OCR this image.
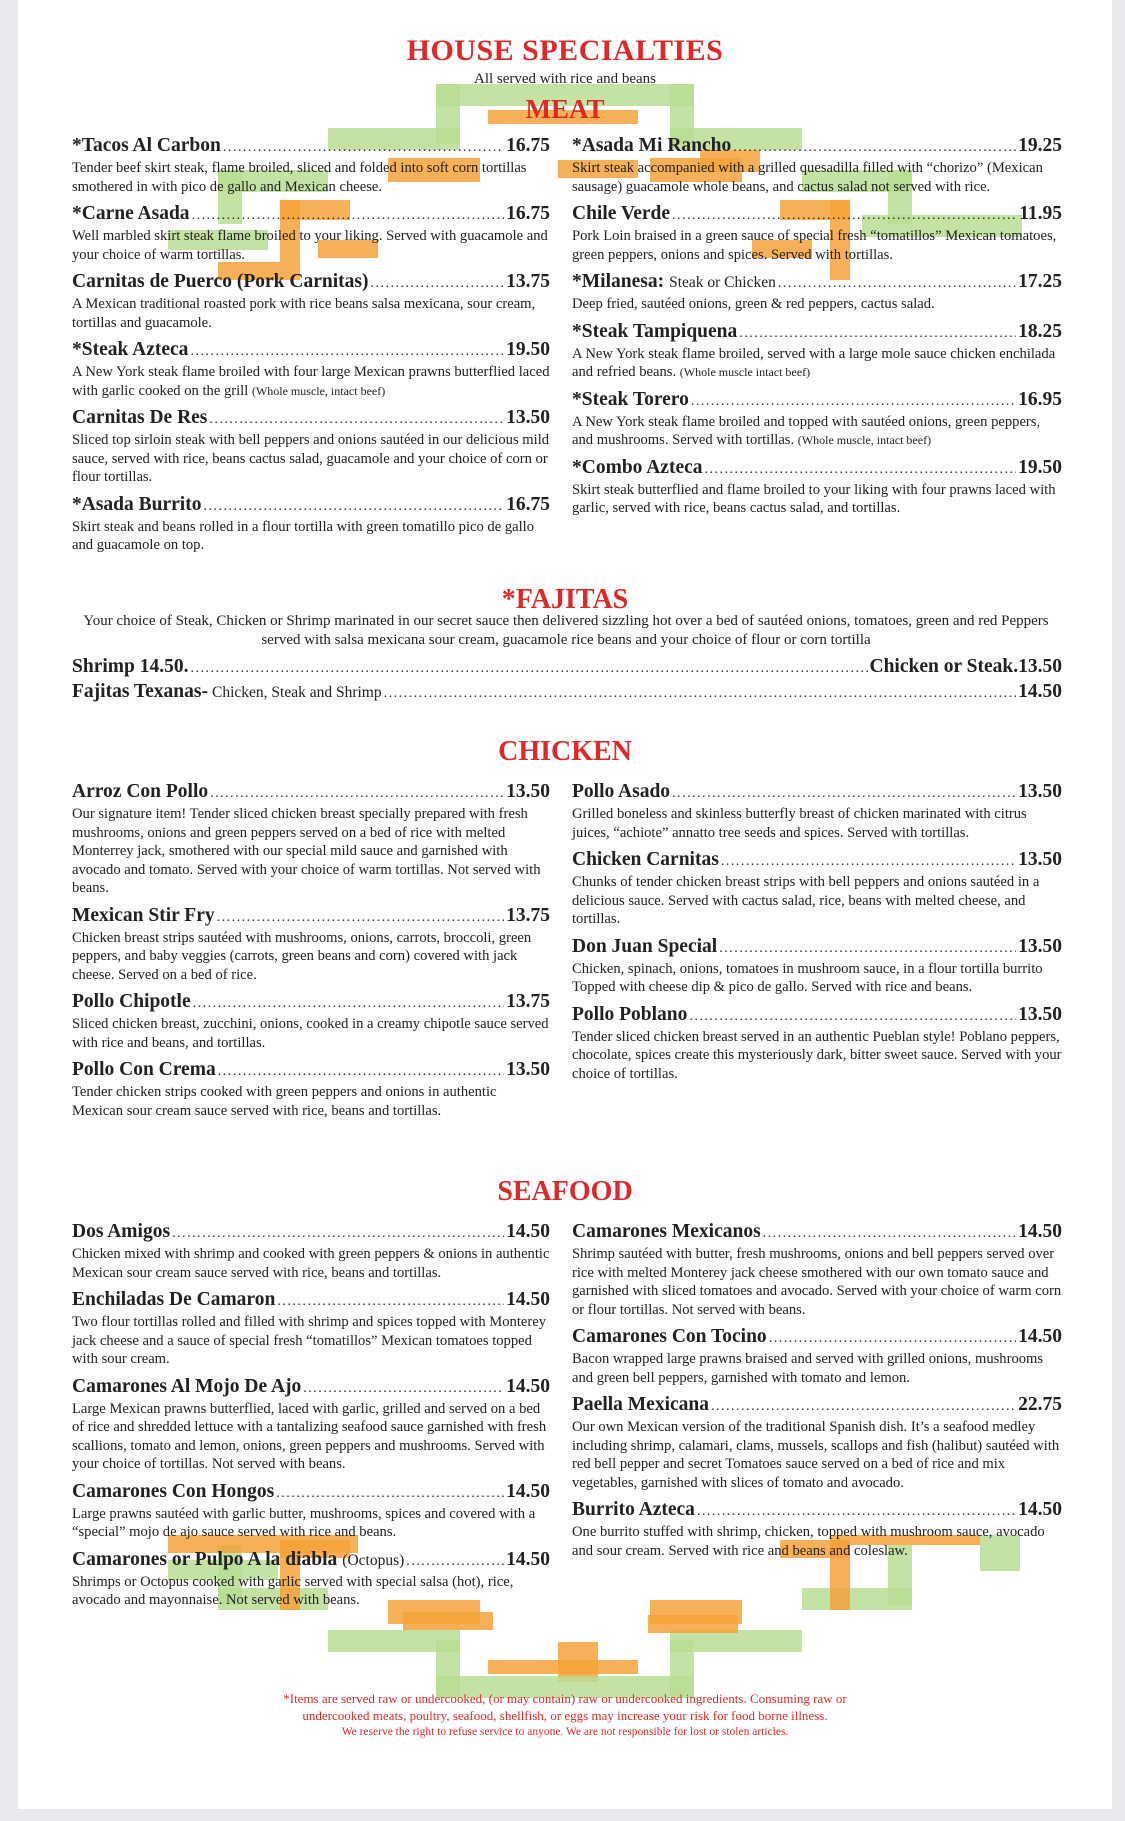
HOUSE SPECIALTIES
All served with rice and beans
MEAT
*Tacos Al Carbon . . .	16.75
Tender beef skirt steak, flame broiled, sliced and folded into soft corn tortillas smothered in with pico de gallo and Mexican cheese.
*Carne Asada . . .	16.75
Well marbled skirt steak flame broiled to your liking. Served with guacamole and your choice of warm tortillas.
Carnitas de Puerco (Pork Carnitas) . . .	13.75
A Mexican traditional roasted pork with rice beans salsa mexicana, sour cream, tortillas and guacamole.
*Steak Azteca . . .	19.50
A New York steak flame broiled with four large Mexican prawns butterflied laced with garlic cooked on the grill (Whole muscle, intact beef)
Carnitas De Res . . .	13.50
Sliced top sirloin steak with bell peppers and onions sautéed in our delicious mild sauce, served with rice, beans cactus salad, guacamole and your choice of corn or flour tortillas.
*Asada Burrito . . .	16.75
Skirt steak and beans rolled in a flour tortilla with green tomatillo pico de gallo and guacamole on top.
*Asada Mi Rancho . . .	19.25
Skirt steak accompanied with a grilled quesadilla filled with “chorizo” (Mexican sausage) guacamole whole beans, and cactus salad not served with rice.
Chile Verde . . .	11.95
Pork Loin braised in a green sauce of special fresh “tomatillos” Mexican tomatoes, green peppers, onions and spices. Served with tortillas.
*Milanesa: Steak or Chicken . . .	17.25
Deep fried, sautéed onions, green & red peppers, cactus salad.
*Steak Tampiquena . . .	18.25
A New York steak flame broiled, served with a large mole sauce chicken enchilada and refried beans. (Whole muscle intact beef)
*Steak Torero . . .	16.95
A New York steak flame broiled and topped with sautéed onions, green peppers, and mushrooms. Served with tortillas. (Whole muscle, intact beef)
*Combo Azteca . . .	19.50
Skirt steak butterflied and flame broiled to your liking with four prawns laced with garlic, served with rice, beans cactus salad, and tortillas.
*FAJITAS
Your choice of Steak, Chicken or Shrimp marinated in our secret sauce then delivered sizzling hot over a bed of sautéed onions, tomatoes, green and red Peppers served with salsa mexicana sour cream, guacamole rice beans and your choice of flour or corn tortilla
Shrimp 14.50. . . .	Chicken or Steak.13.50
Fajitas Texanas- Chicken, Steak and Shrimp . . .	14.50
CHICKEN
Arroz Con Pollo . . .	13.50
Our signature item! Tender sliced chicken breast specially prepared with fresh mushrooms, onions and green peppers served on a bed of rice with melted Monterrey jack, smothered with our special mild sauce and garnished with avocado and tomato. Served with your choice of warm tortillas. Not served with beans.
Mexican Stir Fry . . .	13.75
Chicken breast strips sautéed with mushrooms, onions, carrots, broccoli, green peppers, and baby veggies (carrots, green beans and corn) covered with jack cheese. Served on a bed of rice.
Pollo Chipotle . . .	13.75
Sliced chicken breast, zucchini, onions, cooked in a creamy chipotle sauce served with rice and beans, and tortillas.
Pollo Con Crema . . .	13.50
Tender chicken strips cooked with green peppers and onions in authentic Mexican sour cream sauce served with rice, beans and tortillas.
Pollo Asado . . .	13.50
Grilled boneless and skinless butterfly breast of chicken marinated with citrus juices, “achiote” annatto tree seeds and spices. Served with tortillas.
Chicken Carnitas . . .	13.50
Chunks of tender chicken breast strips with bell peppers and onions sautéed in a delicious sauce. Served with cactus salad, rice, beans with melted cheese, and tortillas.
Don Juan Special . . .	13.50
Chicken, spinach, onions, tomatoes in mushroom sauce, in a flour tortilla burrito Topped with cheese dip & pico de gallo. Served with rice and beans.
Pollo Poblano . . .	13.50
Tender sliced chicken breast served in an authentic Pueblan style! Poblano peppers, chocolate, spices create this mysteriously dark, bitter sweet sauce. Served with your choice of tortillas.
SEAFOOD
Dos Amigos . . .	14.50
Chicken mixed with shrimp and cooked with green peppers & onions in authentic Mexican sour cream sauce served with rice, beans and tortillas.
Enchiladas De Camaron . . .	14.50
Two flour tortillas rolled and filled with shrimp and spices topped with Monterey jack cheese and a sauce of special fresh “tomatillos” Mexican tomatoes topped with sour cream.
Camarones Al Mojo De Ajo . . .	14.50
Large Mexican prawns butterflied, laced with garlic, grilled and served on a bed of rice and shredded lettuce with a tantalizing seafood sauce garnished with fresh scallions, tomato and lemon, onions, green peppers and mushrooms. Served with your choice of tortillas. Not served with beans.
Camarones Con Hongos . . .	14.50
Large prawns sautéed with garlic butter, mushrooms, spices and covered with a “special” mojo de ajo sauce served with rice and beans.
Camarones or Pulpo A la diabla (Octopus) . . .	14.50
Shrimps or Octopus cooked with garlic served with special salsa (hot), rice, avocado and mayonnaise. Not served with beans.
Camarones Mexicanos . . .	14.50
Shrimp sautéed with butter, fresh mushrooms, onions and bell peppers served over rice with melted Monterey jack cheese smothered with our own tomato sauce and garnished with sliced tomatoes and avocado. Served with your choice of warm corn or flour tortillas. Not served with beans.
Camarones Con Tocino . . .	14.50
Bacon wrapped large prawns braised and served with grilled onions, mushrooms and green bell peppers, garnished with tomato and lemon.
Paella Mexicana . . .	22.75
Our own Mexican version of the traditional Spanish dish. It’s a seafood medley including shrimp, calamari, clams, mussels, scallops and fish (halibut) sautéed with red bell pepper and secret Tomatoes sauce served on a bed of rice and mix vegetables, garnished with slices of tomato and avocado.
Burrito Azteca . . .	14.50
One burrito stuffed with shrimp, chicken, topped with mushroom sauce, avocado and sour cream. Served with rice and beans and coleslaw.
*Items are served raw or undercooked, (or may contain) raw or undercooked ingredients. Consuming raw or
undercooked meats, poultry, seafood, shellfish, or eggs may increase your risk for food borne illness.
We reserve the right to refuse service to anyone. We are not responsible for lost or stolen articles.
